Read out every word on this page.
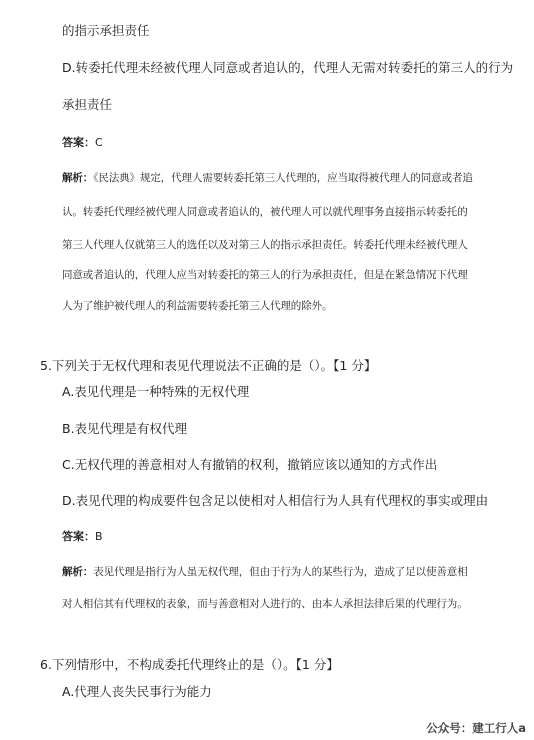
的指示承担责任
D.转委托代理未经被代理人同意或者追认的，代理人无需对转委托的第三人的行为
承担责任
答案：C
解析：《民法典》规定，代理人需要转委托第三人代理的，应当取得被代理人的同意或者追
认。转委托代理经被代理人同意或者追认的，被代理人可以就代理事务直接指示转委托的
第三人代理人仅就第三人的选任以及对第三人的指示承担责任。转委托代理未经被代理人
同意或者追认的，代理人应当对转委托的第三人的行为承担责任，但是在紧急情况下代理
人为了维护被代理人的利益需要转委托第三人代理的除外。
5.下列关于无权代理和表见代理说法不正确的是（）。【1 分】
A.表见代理是一种特殊的无权代理
B.表见代理是有权代理
C.无权代理的善意相对人有撤销的权利，撤销应该以通知的方式作出
D.表见代理的构成要件包含足以使相对人相信行为人具有代理权的事实或理由
答案：B
解析：表见代理是指行为人虽无权代理，但由于行为人的某些行为，造成了足以使善意相
对人相信其有代理权的表象，而与善意相对人进行的、由本人承担法律后果的代理行为。
6.下列情形中，不构成委托代理终止的是（）。【1 分】
A.代理人丧失民事行为能力
公众号：建工行人a
